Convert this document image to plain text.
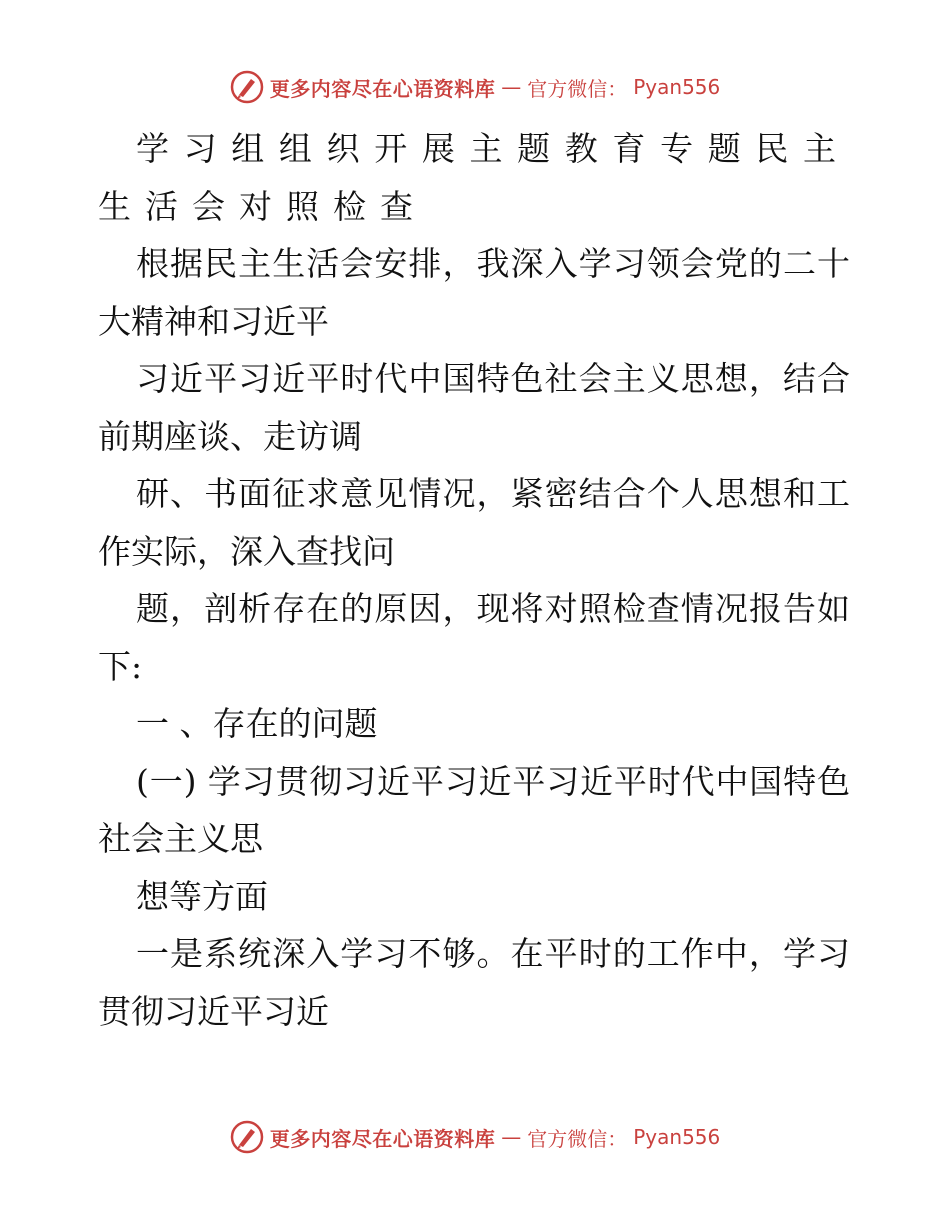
更多内容尽在心语资料库 — 官方微信： Pyan556

学习组组织开展主题教育专题民主生活会对照检查

根据民主生活会安排，我深入学习领会党的二十大精神和习近平

习近平习近平时代中国特色社会主义思想，结合前期座谈、走访调

研、书面征求意见情况，紧密结合个人思想和工作实际，深入查找问

题，剖析存在的原因，现将对照检查情况报告如下:

一 、存在的问题

(一) 学习贯彻习近平习近平习近平时代中国特色社会主义思

想等方面

一是系统深入学习不够。在平时的工作中，学习贯彻习近平习近

更多内容尽在心语资料库 — 官方微信： Pyan556
